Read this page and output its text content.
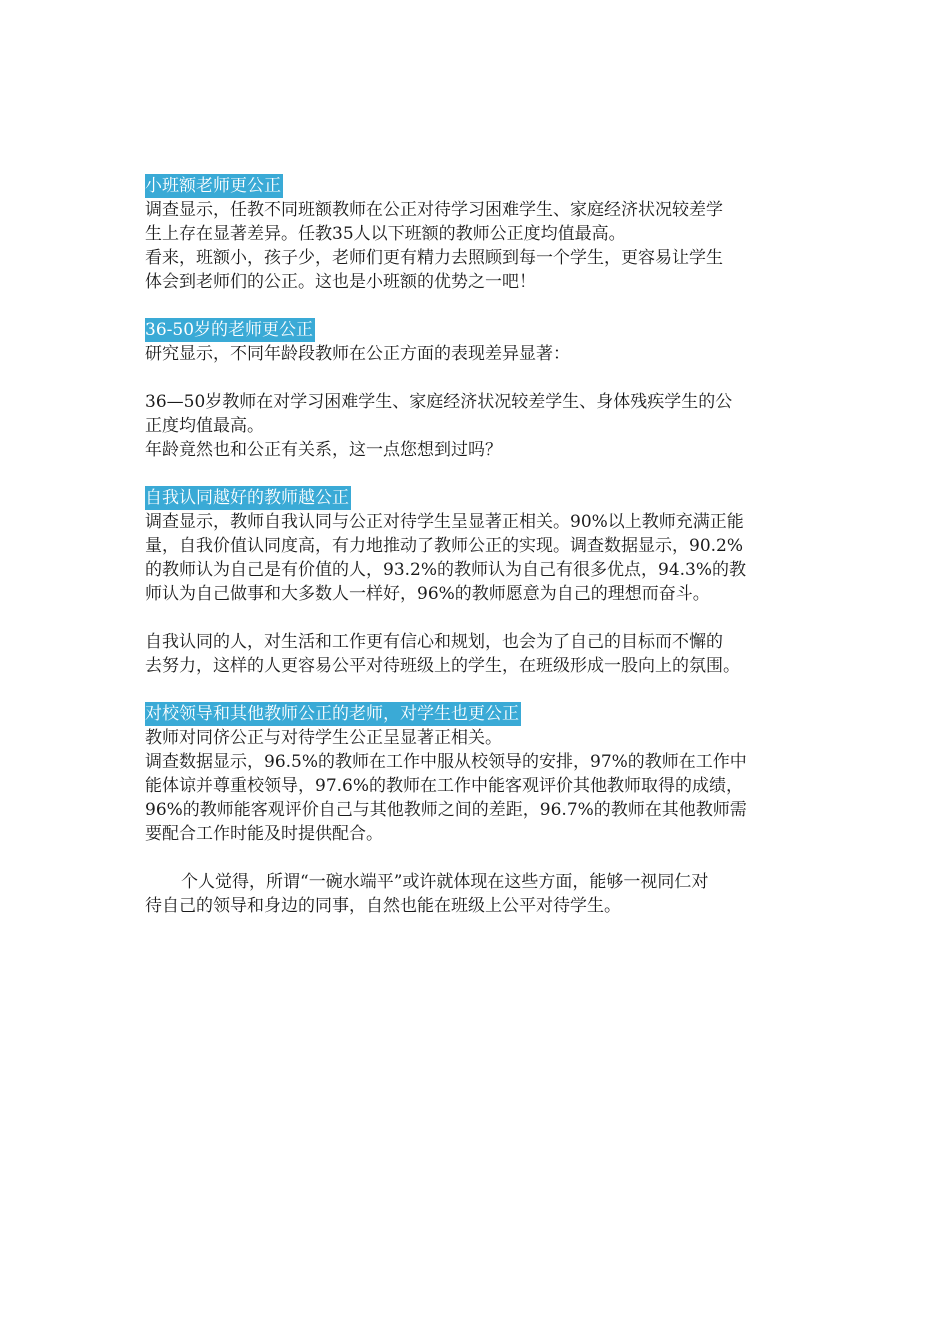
小班额老师更公正
调查显示，任教不同班额教师在公正对待学习困难学生、家庭经济状况较差学
生上存在显著差异。任教35人以下班额的教师公正度均值最高。
看来，班额小，孩子少，老师们更有精力去照顾到每一个学生，更容易让学生
体会到老师们的公正。这也是小班额的优势之一吧！
36-50岁的老师更公正
研究显示，不同年龄段教师在公正方面的表现差异显著：
36—50岁教师在对学习困难学生、家庭经济状况较差学生、身体残疾学生的公
正度均值最高。
年龄竟然也和公正有关系，这一点您想到过吗？
自我认同越好的教师越公正
调查显示，教师自我认同与公正对待学生呈显著正相关。90%以上教师充满正能
量，自我价值认同度高，有力地推动了教师公正的实现。调查数据显示，90.2%
的教师认为自己是有价值的人，93.2%的教师认为自己有很多优点，94.3%的教
师认为自己做事和大多数人一样好，96%的教师愿意为自己的理想而奋斗。
自我认同的人，对生活和工作更有信心和规划，也会为了自己的目标而不懈的
去努力，这样的人更容易公平对待班级上的学生，在班级形成一股向上的氛围。
对校领导和其他教师公正的老师，对学生也更公正
教师对同侪公正与对待学生公正呈显著正相关。
调查数据显示，96.5%的教师在工作中服从校领导的安排，97%的教师在工作中
能体谅并尊重校领导，97.6%的教师在工作中能客观评价其他教师取得的成绩，
96%的教师能客观评价自己与其他教师之间的差距，96.7%的教师在其他教师需
要配合工作时能及时提供配合。
个人觉得，所谓“一碗水端平”或许就体现在这些方面，能够一视同仁对
待自己的领导和身边的同事，自然也能在班级上公平对待学生。
